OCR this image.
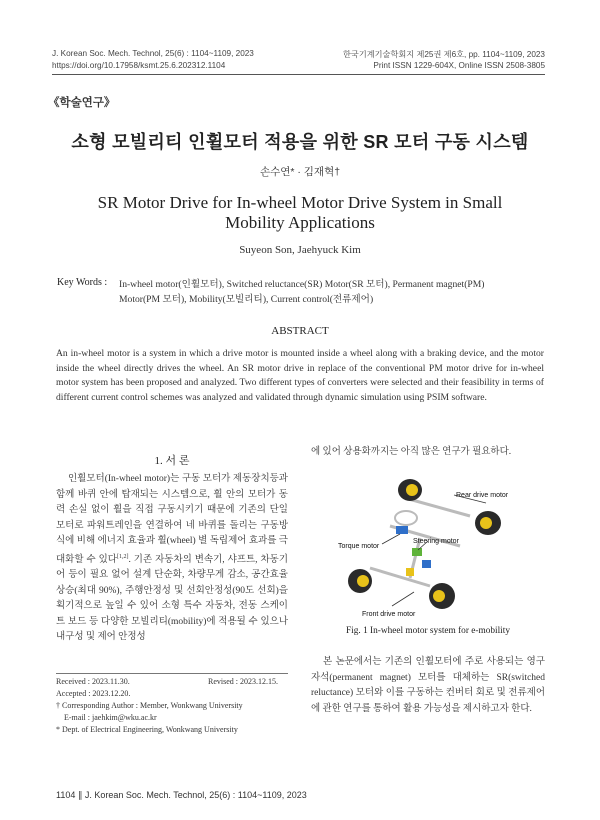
J. Korean Soc. Mech. Technol, 25(6) : 1104~1109, 2023
https://doi.org/10.17958/ksmt.25.6.202312.1104
한국기계기술학회지 제25권 제6호, pp. 1104~1109, 2023
Print ISSN 1229-604X, Online ISSN 2508-3805
《학술연구》
소형 모빌리티 인휠모터 적용을 위한 SR 모터 구동 시스템
손수연* · 김재혁†
SR Motor Drive for In-wheel Motor Drive System in Small
Mobility Applications
Suyeon Son, Jaehyuck Kim
Key Words : In-wheel motor(인휠모터), Switched reluctance(SR) Motor(SR 모터), Permanent magnet(PM)
Motor(PM 모터), Mobility(모빌리티), Current control(전류제어)
ABSTRACT
An in-wheel motor is a system in which a drive motor is mounted inside a wheel along with a braking device, and the motor inside the wheel directly drives the wheel. An SR motor drive in replace of the conventional PM motor drive for in-wheel motor system has been proposed and analyzed. Two different types of converters were selected and their feasibility in terms of different current control schemes was analyzed and validated through dynamic simulation using PSIM software.
1. 서 론

인휠모터(In-wheel motor)는 구동 모터가 제동장치등과 함께 바퀴 안에 탑재되는 시스템으로, 휠 안의 모터가 동력 손실 없이 휠을 직접 구동시키기 때문에 기존의 단일 모터로 파워트레인을 연결하여 네 바퀴를 돌리는 구동방식에 비해 에너지 효율과 휠(wheel) 별 독립제어 효과를 극대화할 수 있다[1,2]. 기존 자동차의 변속기, 샤프트, 차동기어 등이 필요 없어 설계 단순화, 차량무게 감소, 공간효율 상승(최대 90%), 주행안정성 및 선회안정성(90도 선회)을 획기적으로 높일 수 있어 소형 특수 자동차, 전동 스케이트 보드 등 다양한 모빌리티(mobility)에 적용될 수 있으나 내구성 및 제어 안정성

에 있어 상용화까지는 아직 많은 연구가 필요하다.
Rear drive motor
Torque motor
Steering motor
Front drive motor
Fig. 1 In-wheel motor system for e-mobility

본 논문에서는 기존의 인휠모터에 주로 사용되는 영구자석(permanent magnet) 모터를 대체하는 SR(switched reluctance) 모터와 이를 구동하는 컨버터 회로 및 전류제어에 관한 연구를 통하여 활용 가능성을 제시하고자 한다.

Received : 2023.11.30.	Revised : 2023.12.15.
Accepted : 2023.12.20.
† Corresponding Author : Member, Wonkwang University
E-mail : jaehkim@wku.ac.kr
* Dept. of Electrical Engineering, Wonkwang University
1104 ∥ J. Korean Soc. Mech. Technol, 25(6) : 1104~1109, 2023
